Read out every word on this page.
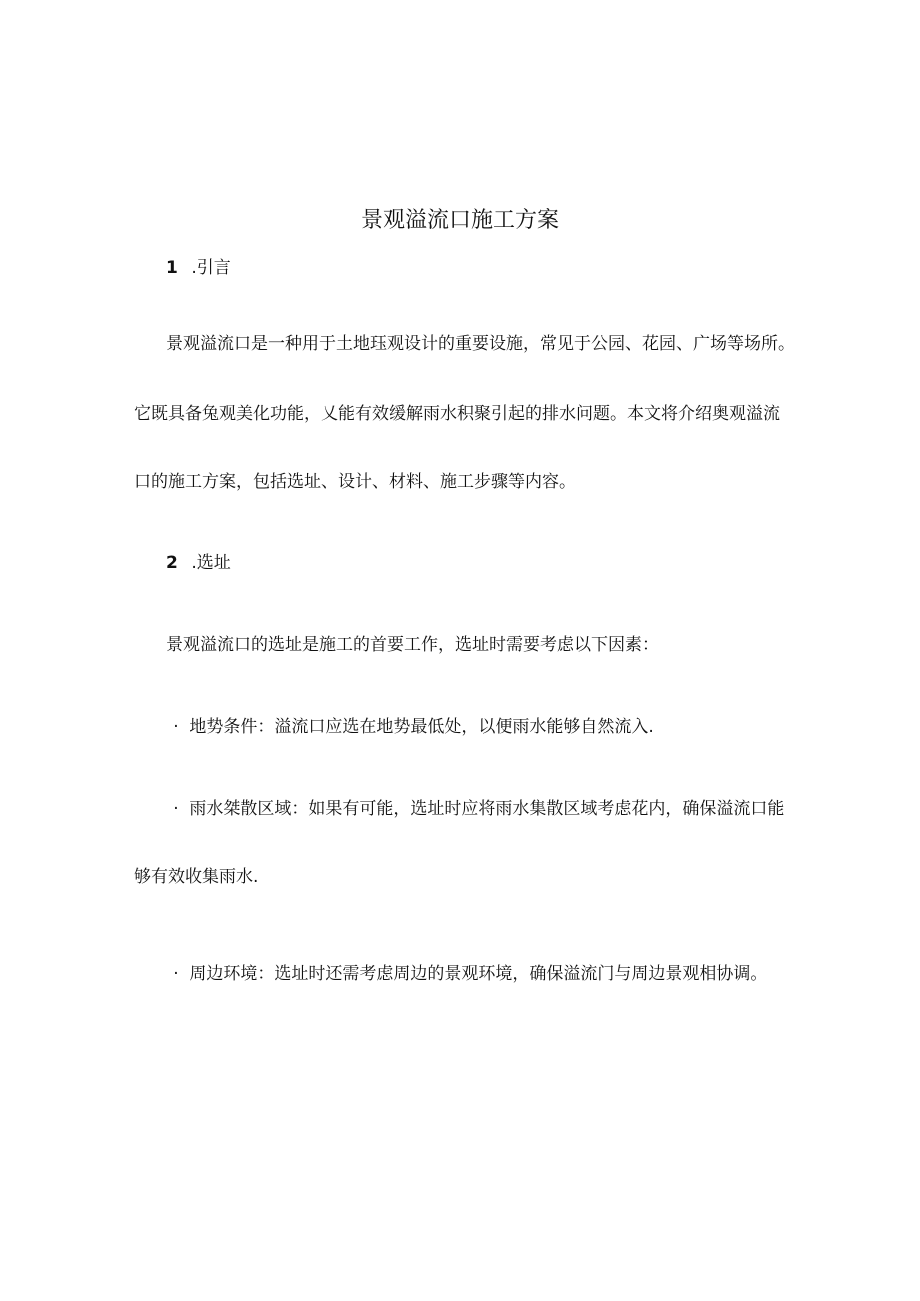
景观溢流口施工方案
1 .引言
景观溢流口是一种用于土地珏观设计的重要设施，常见于公园、花园、广场等场所。
它既具备兔观美化功能，乂能有效缓解雨水积聚引起的排水问题。本文将介绍奥观溢流
口的施工方案，包括选址、设计、材料、施工步骤等内容。
2 .选址
景观溢流口的选址是施工的首要工作，选址时需要考虑以下因素：
· 地势条件：溢流口应选在地势最低处，以便雨水能够自然流入.
· 雨水桀散区域：如果有可能，选址时应将雨水集散区域考虑花内，确保溢流口能
够有效收集雨水.
· 周边环境：选址时还需考虑周边的景观环境，确保溢流门与周边景观相协调。
